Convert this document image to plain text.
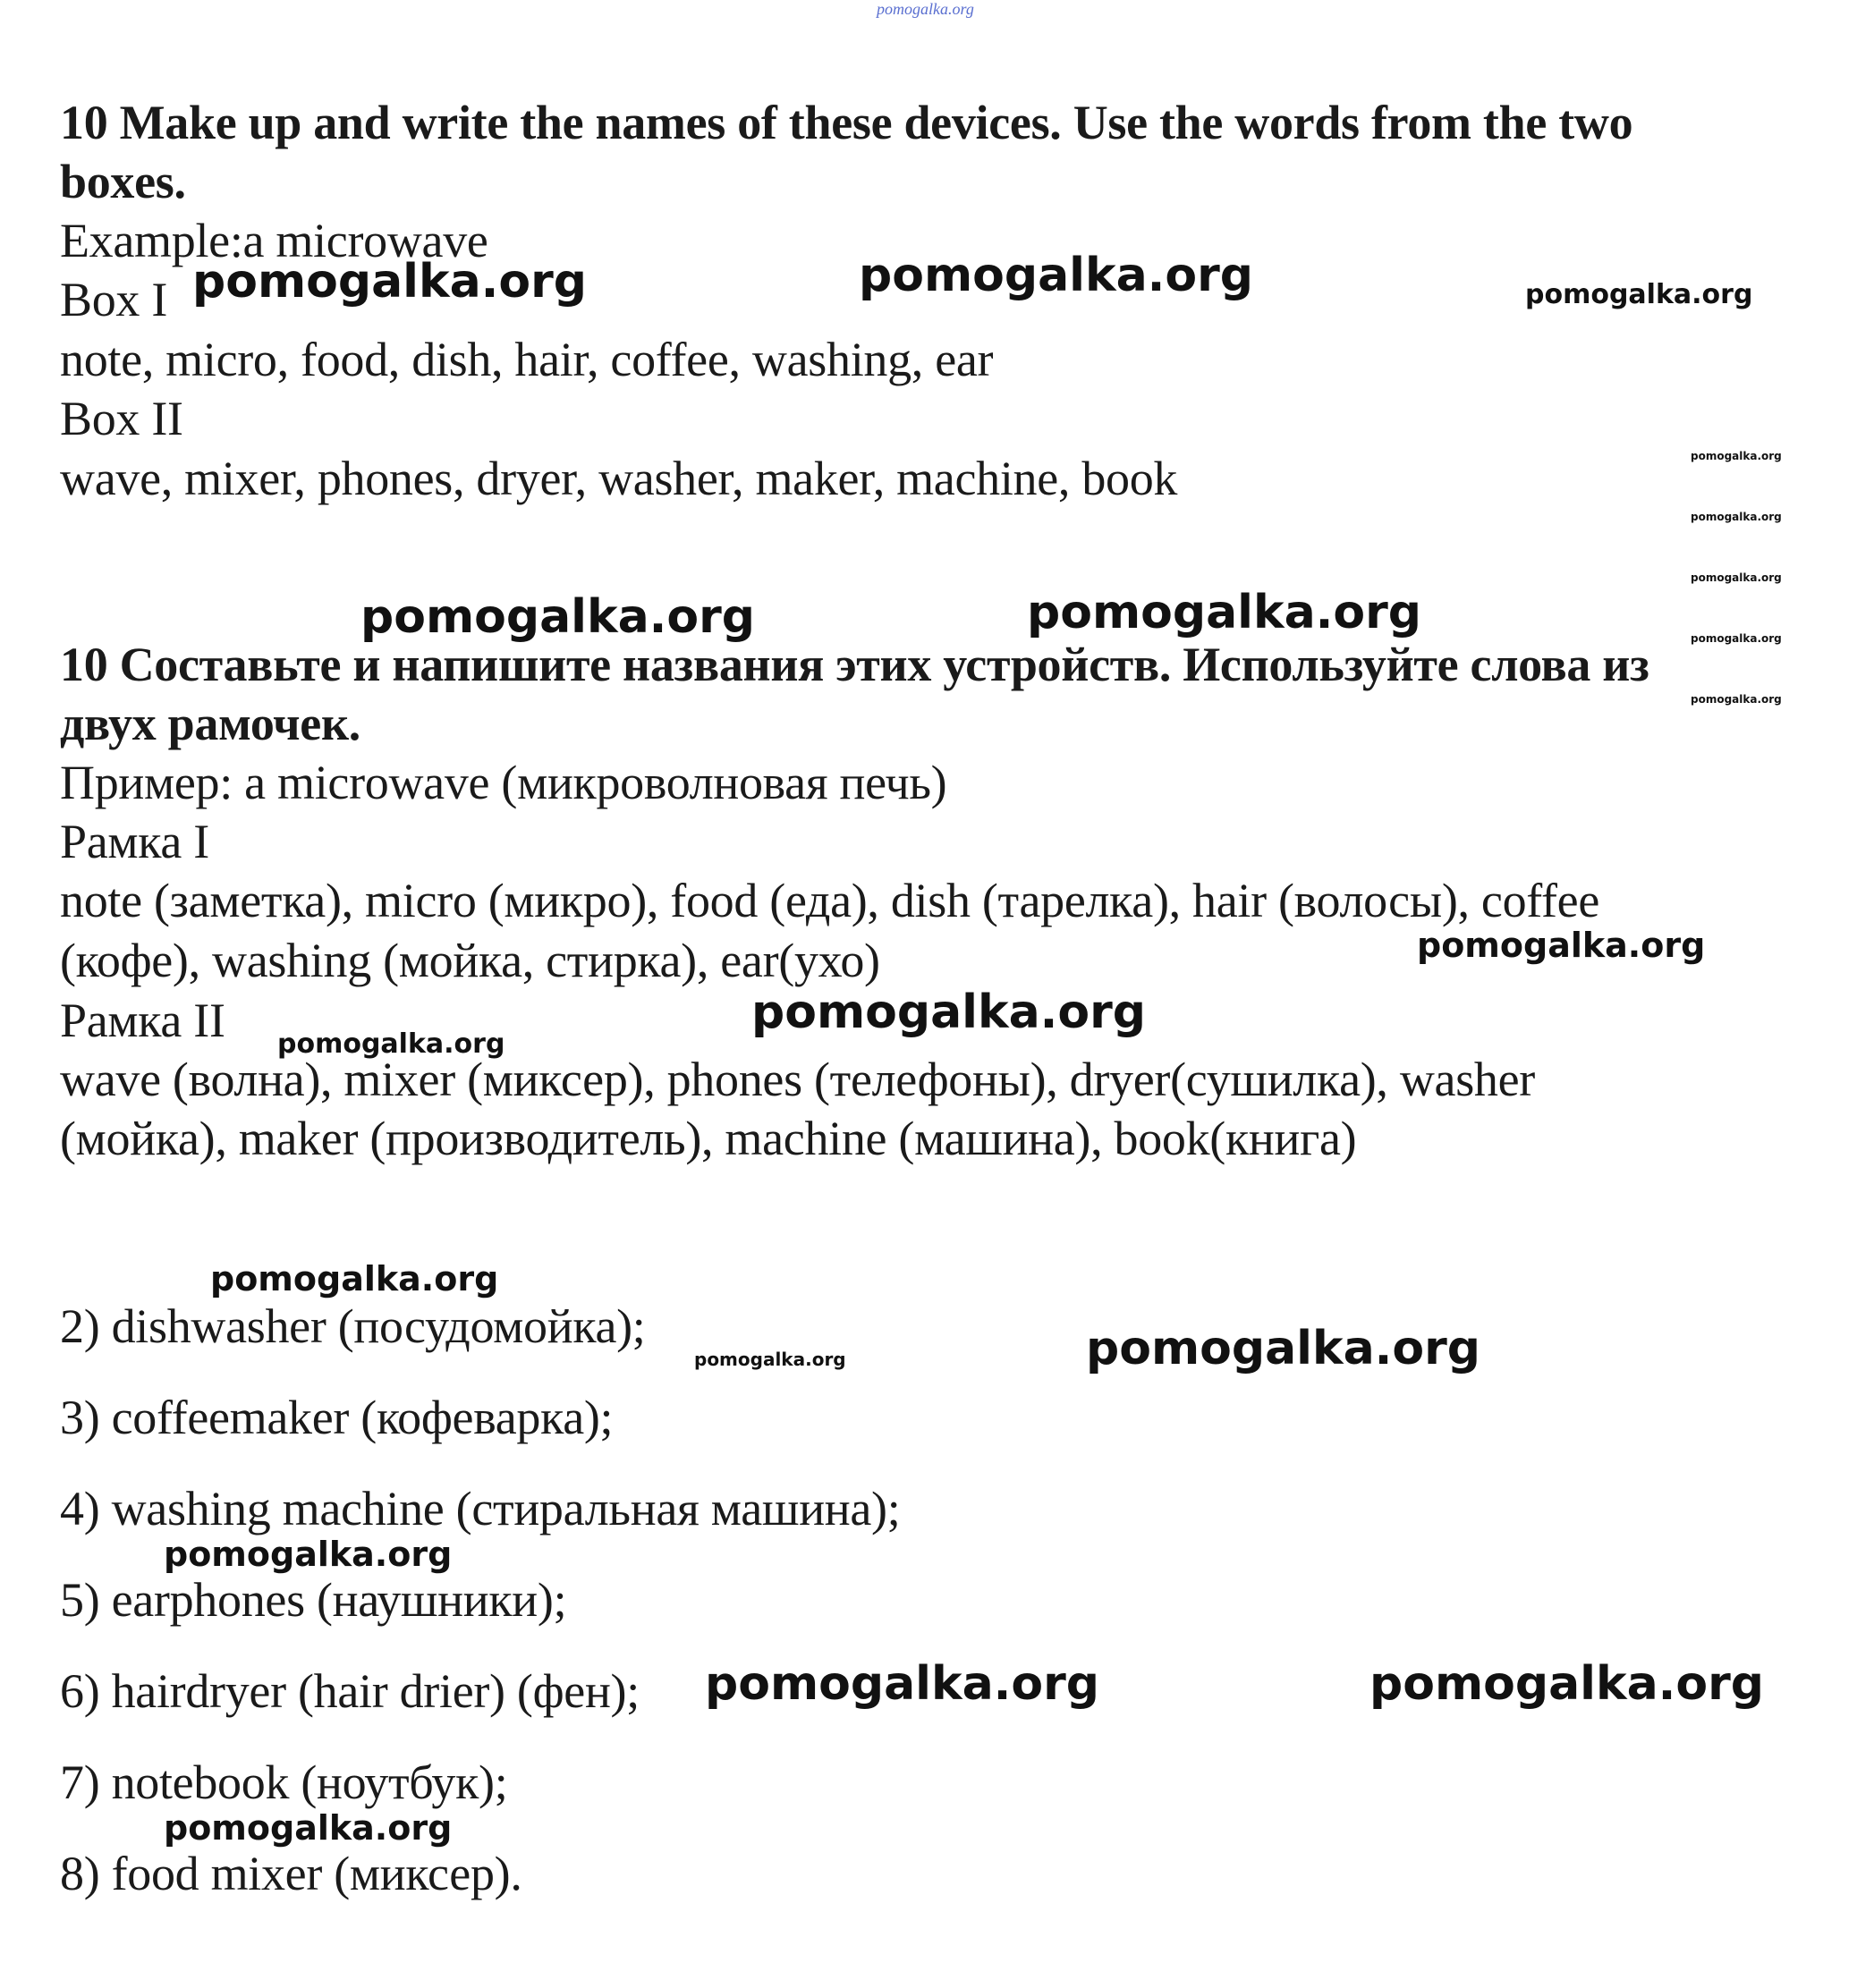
pomogalka.org
10 Make up and write the names of these devices. Use the words from the two
boxes.
Example:a microwave
Box I
note, micro, food, dish, hair, coffee, washing, ear
Box II
wave, mixer, phones, dryer, washer, maker, machine, book
10 Составьте и напишите названия этих устройств. Используйте слова из
двух рамочек.
Пример: a microwave (микроволновая печь)
Рамка I
note (заметка), micro (микро), food (еда), dish (тарелка), hair (волосы), coffee
(кофе), washing (мойка, стирка), ear(ухо)
Рамка II
wave (волна), mixer (миксер), phones (телефоны), dryer(сушилка), washer
(мойка), maker (производитель), machine (машина), book(книга)
2) dishwasher (посудомойка);
3) coffeemaker (кофеварка);
4) washing machine (стиральная машина);
5) earphones (наушники);
6) hairdryer (hair drier) (фен);
7) notebook (ноутбук);
8) food mixer (миксер).
pomogalka.org	pomogalka.org	pomogalka.org
pomogalka.org
pomogalka.org
pomogalka.org
pomogalka.org
pomogalka.org
pomogalka.org	pomogalka.org
pomogalka.org
pomogalka.org
pomogalka.org
pomogalka.org
pomogalka.org	pomogalka.org
pomogalka.org
pomogalka.org	pomogalka.org
pomogalka.org
